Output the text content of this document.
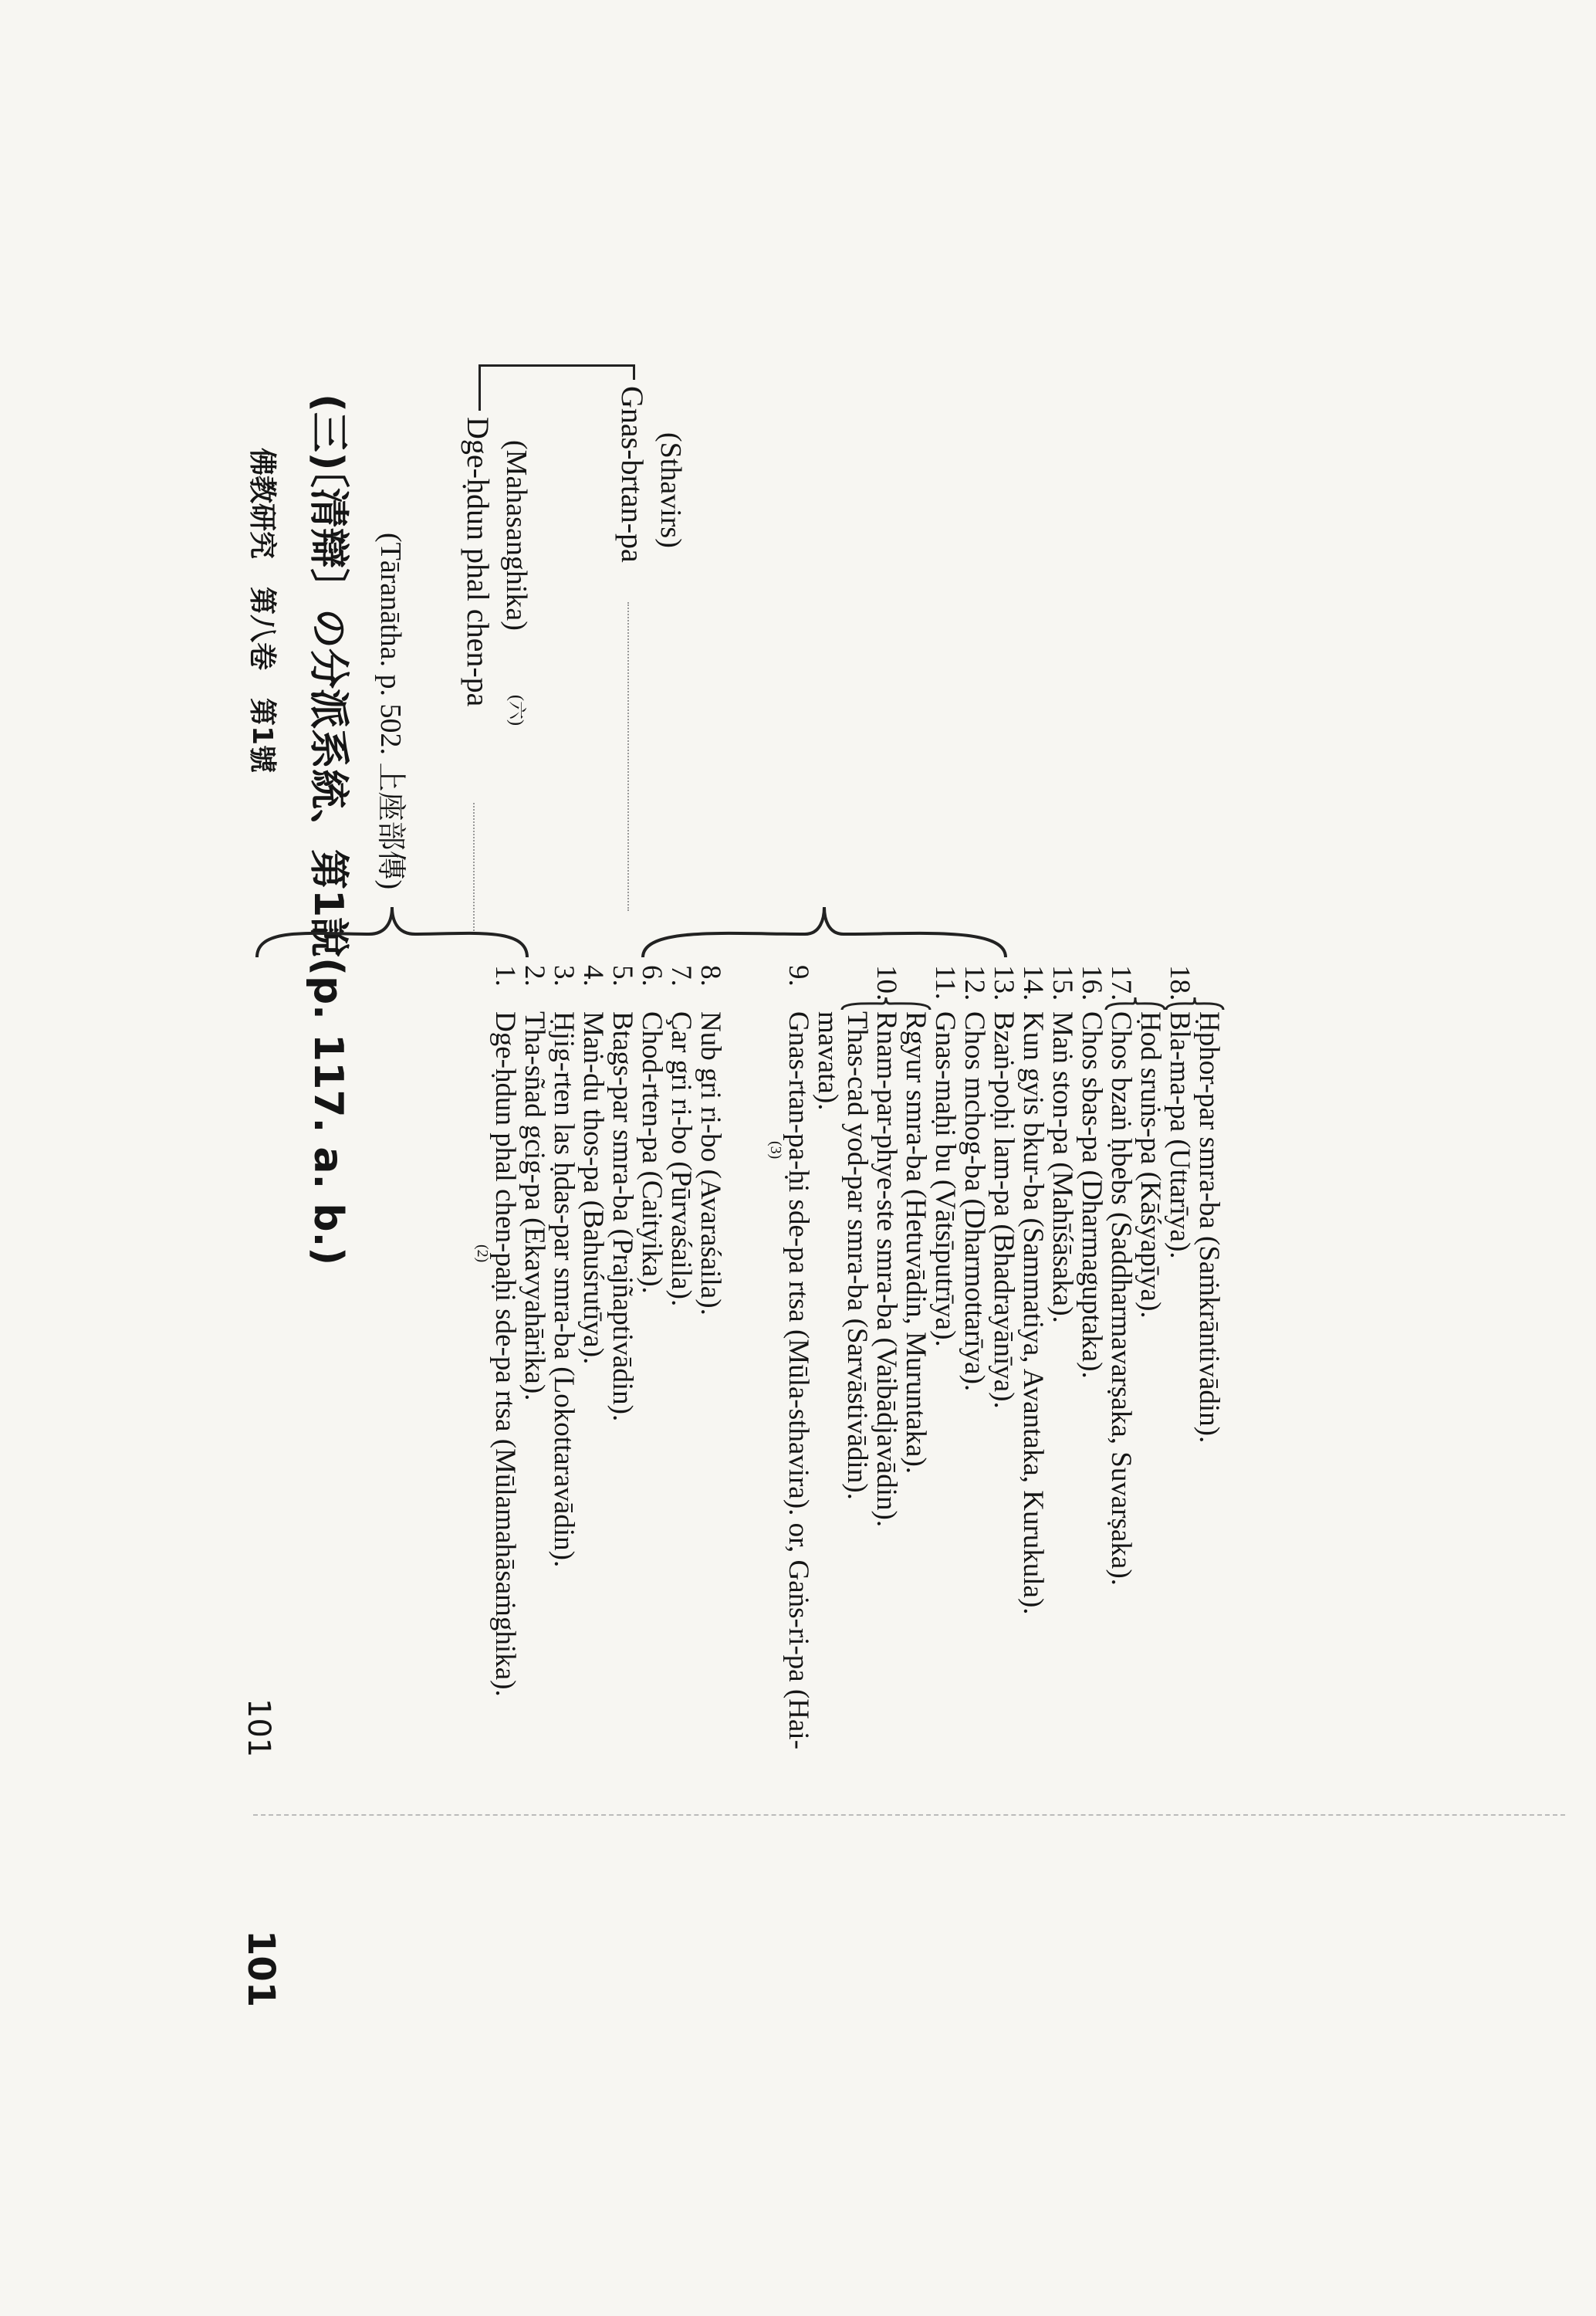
佛教研究　第八卷　第1號
101
101
(三)
〔清辯〕の分派系統、第1說(p. 117. a. b.) (Tāranātha. p. 502. 上座部傳) Dge-ḥdun phal chen-pa (Mahasanghika)
(六)
Gnas-brtan-pa (Sthavirs)
1.Dge-ḥdun phal chen-paḥi sde-pa rtsa (Mūlamahāsaṁghika).
2.Tha-sñad gcig-pa (Ekavyahārika).
3.Ḥjig-rten las ḥdas-par smra-ba (Lokottaravādin).
4.Maṅ-du thos-pa (Bahuśrutīya).
5.Btags-par smra-ba (Prajñaptivādin).
6.Chod-rten-pa (Caityika).
7.Çar gri ri-bo (Pūrvaśaila).
8.Nub gri ri-bo (Avaraśaila).
(2)
9.Gnas-rtan-pa-ḥi sde-pa rtsa (Mūla-sthavira). or, Gaṅs-ri-pa (Hai-
mavata).
(3) Thas-cad yod-par smra-ba (Sarvāstivādin).
10.Rnam-par-phye-ste smra-ba (Vaibādjavādin).
Rgyur smra-ba (Hetuvādin, Muruntaka).
11.Gnas-maḥi bu (Vātsīputrīya).
12.Chos mchog-ba (Dharmottarīya).
13.Bzaṅ-poḥi lam-pa (Bhadrayānīya).
14.Kun gyis bkur-ba (Sammatiya, Avantaka, Kurukula).
15.Maṅ ston-pa (Mahīśāsaka).
16.Chos sbas-pa (Dharmaguptaka).
17.Chos bzaṅ ḥbebs (Saddharmavarṣaka, Suvarṣaka).
Ḥod sruṅs-pa (Kāśyapīya).
18.Bla-ma-pa (Uttarīya).
Ḥphor-par smra-ba (Saṁkrāntivādin).
